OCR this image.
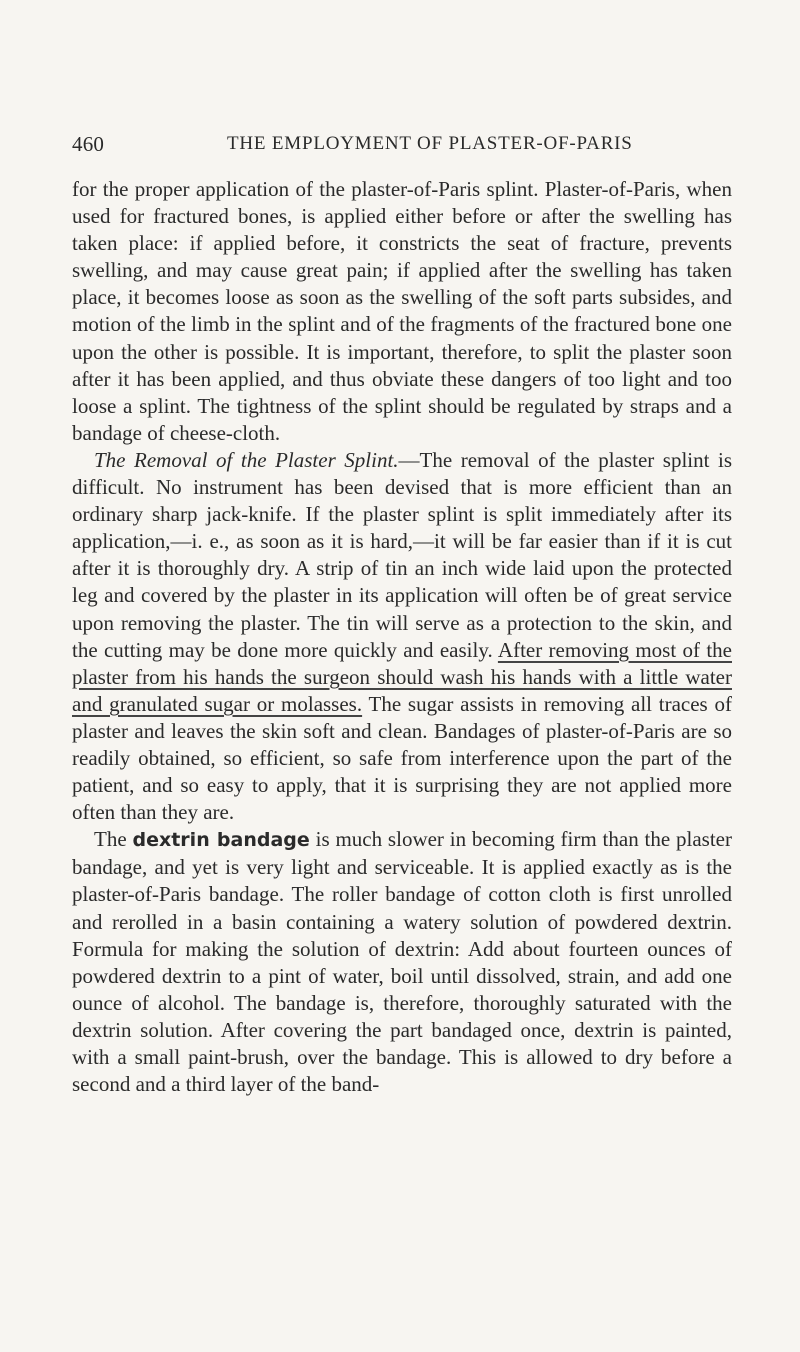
460	THE EMPLOYMENT OF PLASTER-OF-PARIS

for the proper application of the plaster-of-Paris splint. Plaster-of-Paris, when used for fractured bones, is applied either before or after the swelling has taken place: if applied before, it constricts the seat of fracture, prevents swelling, and may cause great pain; if applied after the swelling has taken place, it becomes loose as soon as the swelling of the soft parts subsides, and motion of the limb in the splint and of the fragments of the fractured bone one upon the other is possible. It is important, therefore, to split the plaster soon after it has been applied, and thus obviate these dangers of too light and too loose a splint. The tightness of the splint should be regulated by straps and a bandage of cheese-cloth.

The Removal of the Plaster Splint.—The removal of the plaster splint is difficult. No instrument has been devised that is more efficient than an ordinary sharp jack-knife. If the plaster splint is split immediately after its application,—i. e., as soon as it is hard,—it will be far easier than if it is cut after it is thoroughly dry. A strip of tin an inch wide laid upon the protected leg and covered by the plaster in its application will often be of great service upon removing the plaster. The tin will serve as a protection to the skin, and the cutting may be done more quickly and easily. After removing most of the plaster from his hands the surgeon should wash his hands with a little water and granulated sugar or molasses. The sugar assists in removing all traces of plaster and leaves the skin soft and clean. Bandages of plaster-of-Paris are so readily obtained, so efficient, so safe from interference upon the part of the patient, and so easy to apply, that it is surprising they are not applied more often than they are.

The dextrin bandage is much slower in becoming firm than the plaster bandage, and yet is very light and serviceable. It is applied exactly as is the plaster-of-Paris bandage. The roller bandage of cotton cloth is first unrolled and rerolled in a basin containing a watery solution of powdered dextrin. Formula for making the solution of dextrin: Add about fourteen ounces of powdered dextrin to a pint of water, boil until dissolved, strain, and add one ounce of alcohol. The bandage is, therefore, thoroughly saturated with the dextrin solution. After covering the part bandaged once, dextrin is painted, with a small paint-brush, over the bandage. This is allowed to dry before a second and a third layer of the band-
